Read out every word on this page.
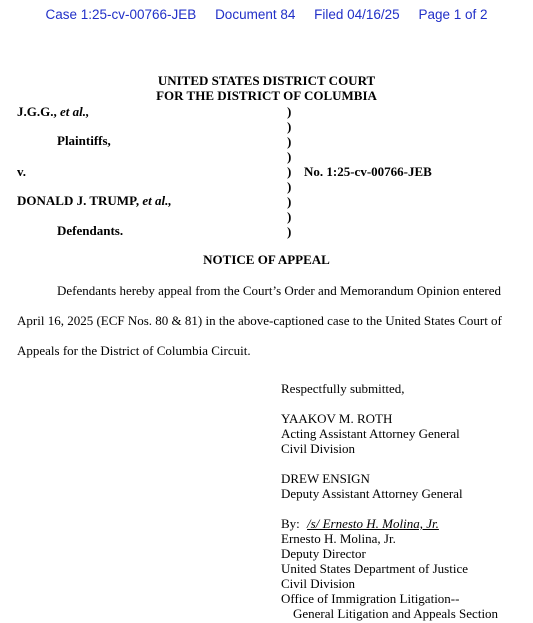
Case 1:25-cv-00766-JEB Document 84 Filed 04/16/25 Page 1 of 2
UNITED STATES DISTRICT COURT
FOR THE DISTRICT OF COLUMBIA
J.G.G., et al.,
Plaintiffs,
v.	No. 1:25-cv-00766-JEB
DONALD J. TRUMP, et al.,
Defendants.
)
)
)
)
)
)
)
)
)
NOTICE OF APPEAL
Defendants hereby appeal from the Court’s Order and Memorandum Opinion entered
April 16, 2025 (ECF Nos. 80 & 81) in the above-captioned case to the United States Court of
Appeals for the District of Columbia Circuit.
Respectfully submitted,
YAAKOV M. ROTH
Acting Assistant Attorney General
Civil Division
DREW ENSIGN
Deputy Assistant Attorney General
By: /s/ Ernesto H. Molina, Jr.
Ernesto H. Molina, Jr.
Deputy Director
United States Department of Justice
Civil Division
Office of Immigration Litigation--
General Litigation and Appeals Section
